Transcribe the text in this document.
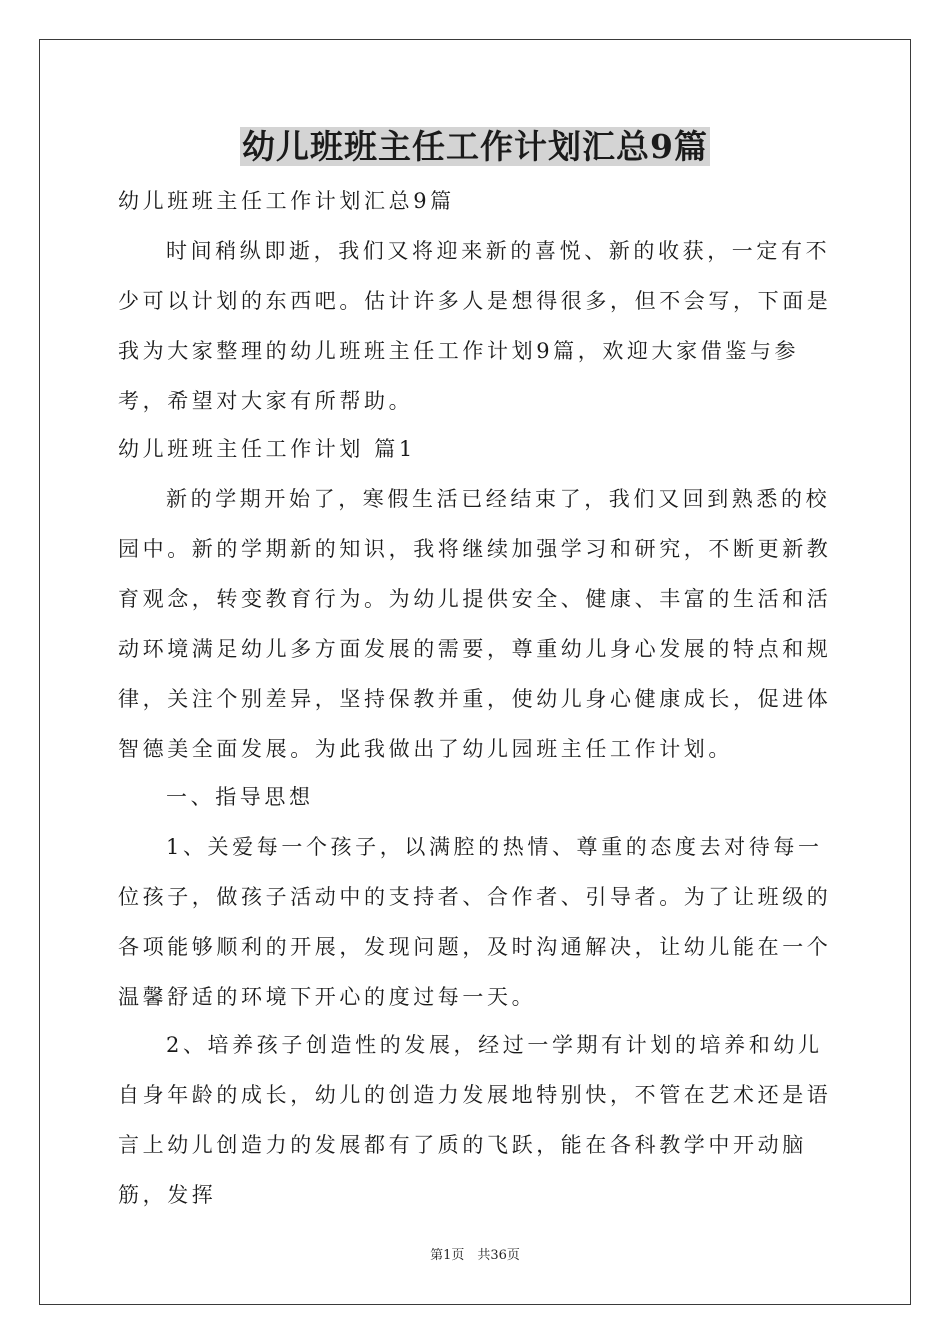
幼儿班班主任工作计划汇总9篇

幼儿班班主任工作计划汇总9篇

时间稍纵即逝，我们又将迎来新的喜悦、新的收获，一定有不少可以计划的东西吧。估计许多人是想得很多，但不会写，下面是我为大家整理的幼儿班班主任工作计划9篇，欢迎大家借鉴与参考，希望对大家有所帮助。

幼儿班班主任工作计划 篇1

新的学期开始了，寒假生活已经结束了，我们又回到熟悉的校园中。新的学期新的知识，我将继续加强学习和研究，不断更新教育观念，转变教育行为。为幼儿提供安全、健康、丰富的生活和活动环境满足幼儿多方面发展的需要，尊重幼儿身心发展的特点和规律，关注个别差异，坚持保教并重，使幼儿身心健康成长，促进体智德美全面发展。为此我做出了幼儿园班主任工作计划。

一、指导思想

1、关爱每一个孩子，以满腔的热情、尊重的态度去对待每一位孩子，做孩子活动中的支持者、合作者、引导者。为了让班级的各项能够顺利的开展，发现问题，及时沟通解决，让幼儿能在一个温馨舒适的环境下开心的度过每一天。

2、培养孩子创造性的发展，经过一学期有计划的培养和幼儿自身年龄的成长，幼儿的创造力发展地特别快，不管在艺术还是语言上幼儿创造力的发展都有了质的飞跃，能在各科教学中开动脑筋，发挥

第1页　共36页
